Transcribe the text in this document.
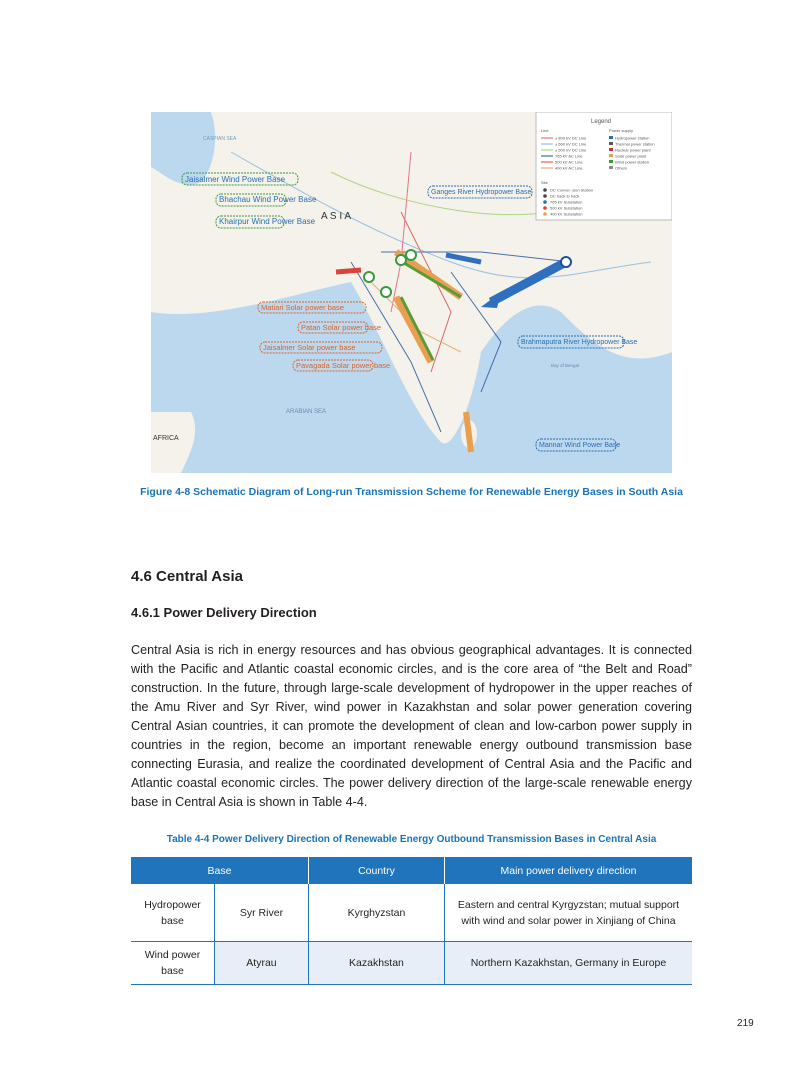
CASPIAN SEA
A S I A
ARABIAN SEA
AFRICA
Bay of Bengal
Legend
Line	Power supply
± 800 kV DC Line
± 660 kV DC Line
± 500 kV DC Line
765 kV AC Line
500 kV AC Line
400 kV AC Line
Hydropower station
Thermal power station
Nuclear power plant
Solar power plant
Wind power station
Others
Site
DC Conver- sion Station
DC back to back
765 kV Substation
500 kV Substation
400 kV Substation
Jaisalmer Wind Power Base
Bhachau Wind Power Base
Khairpur Wind Power Base
Ganges River Hydropower Base
Brahmaputra River Hydropower Base
Mannar Wind Power Base
Matiari Solar power base
Patan Solar power base
Jaisalmer Solar power base
Pavagada Solar power base
Figure 4-8 Schematic Diagram of Long-run Transmission Scheme for Renewable Energy Bases in South Asia
4.6 Central Asia
4.6.1 Power Delivery Direction
Central Asia is rich in energy resources and has obvious geographical advantages. It is connected with the Pacific and Atlantic coastal economic circles, and is the core area of “the Belt and Road” construction. In the future, through large-scale development of hydropower in the upper reaches of the Amu River and Syr River, wind power in Kazakhstan and solar power generation covering Central Asian countries, it can promote the development of clean and low-carbon power supply in countries in the region, become an important renewable energy outbound transmission base connecting Eurasia, and realize the coordinated development of Central Asia and the Pacific and Atlantic coastal economic circles. The power delivery direction of the large-scale renewable energy base in Central Asia is shown in Table 4-4.
Table 4-4 Power Delivery Direction of Renewable Energy Outbound Transmission Bases in Central Asia
Base		Country	Main power delivery direction
Hydropower base	Syr River	Kyrghyzstan	Eastern and central Kyrgyzstan; mutual support with wind and solar power in Xinjiang of China
Wind power base	Atyrau	Kazakhstan	Northern Kazakhstan, Germany in Europe
219
